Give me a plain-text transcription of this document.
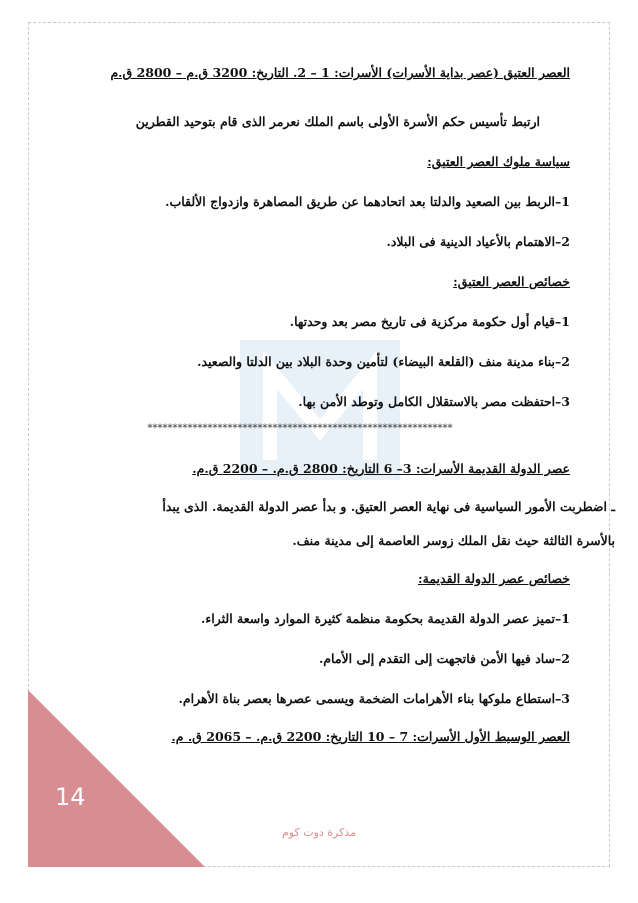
العصر العتيق (عصر بداية الأسرات) الأسرات: 1 – 2. التاريخ: 3200 ق.م – 2800 ق.م
ارتبط تأسيس حكم الأسرة الأولى باسم الملك نعرمر الذى قام بتوحيد القطرين
سياسة ملوك العصر العتيق:
1–الربط بين الصعيد والدلتا بعد اتحادهما عن طريق المصاهرة وازدواج الألقاب.
2–الاهتمام بالأعياد الدينية فى البلاد.
خصائص العصر العتيق:
1–قيام أول حكومة مركزية فى تاريخ مصر بعد وحدتها.
2–بناء مدينة منف (القلعة البيضاء) لتأمين وحدة البلاد بين الدلتا والصعيد.
3–احتفظت مصر بالاستقلال الكامل وتوطد الأمن بها.
*************************************************************
عصر الدولة القديمة الأسرات: 3– 6 التاريخ: 2800 ق.م. – 2200 ق.م.
ـ اضطربت الأمور السياسية فى نهاية العصر العتيق. و بدأ عصر الدولة القديمة. الذى يبدأ
بالأسرة الثالثة حيث نقل الملك زوسر العاصمة إلى مدينة منف.
خصائص عصر الدولة القديمة:
1–تميز عصر الدولة القديمة بحكومة منظمة كثيرة الموارد واسعة الثراء.
2–ساد فيها الأمن فاتجهت إلى التقدم إلى الأمام.
3–استطاع ملوكها بناء الأهرامات الضخمة ويسمى عصرها بعصر بناة الأهرام.
العصر الوسيط الأول الأسرات: 7 – 10 التاريخ: 2200 ق.م. – 2065 ق. م.
14
مذكرة دوت كوم
